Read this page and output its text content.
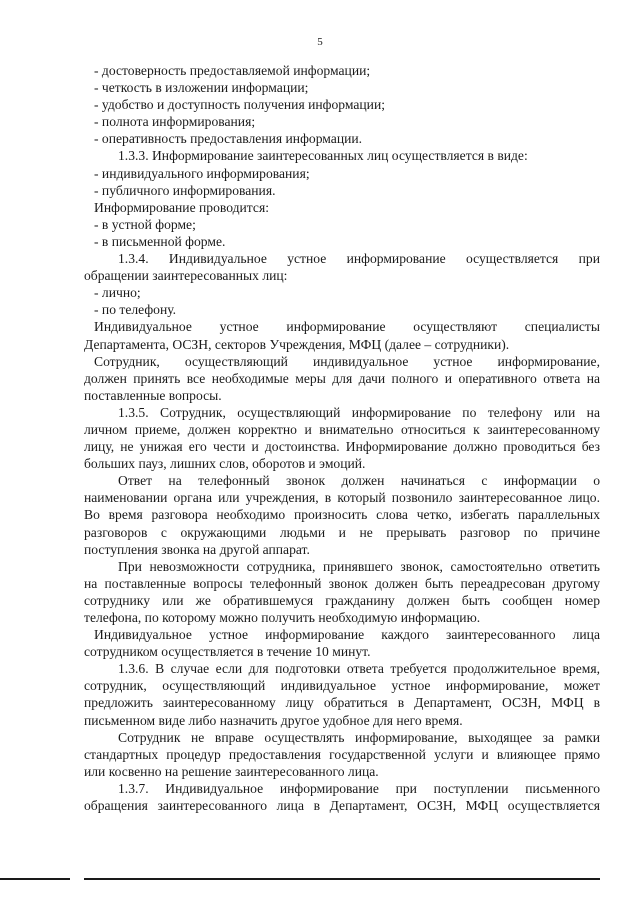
5
- достоверность предоставляемой информации;
- четкость в изложении информации;
- удобство и доступность получения информации;
- полнота информирования;
- оперативность предоставления информации.
1.3.3. Информирование заинтересованных лиц осуществляется в виде:
- индивидуального информирования;
- публичного информирования.
Информирование проводится:
- в устной форме;
- в письменной форме.
1.3.4. Индивидуальное устное информирование осуществляется при
обращении заинтересованных лиц:
- лично;
- по телефону.
Индивидуальное устное информирование осуществляют специалисты
Департамента, ОСЗН, секторов Учреждения, МФЦ (далее – сотрудники).
Сотрудник, осуществляющий индивидуальное устное информирование,
должен принять все необходимые меры для дачи полного и оперативного ответа на
поставленные вопросы.
1.3.5. Сотрудник, осуществляющий информирование по телефону или на
личном приеме, должен корректно и внимательно относиться к заинтересованному
лицу, не унижая его чести и достоинства. Информирование должно проводиться без
больших пауз, лишних слов, оборотов и эмоций.
Ответ на телефонный звонок должен начинаться с информации о
наименовании органа или учреждения, в который позвонило заинтересованное лицо.
Во время разговора необходимо произносить слова четко, избегать параллельных
разговоров с окружающими людьми и не прерывать разговор по причине
поступления звонка на другой аппарат.
При невозможности сотрудника, принявшего звонок, самостоятельно ответить
на поставленные вопросы телефонный звонок должен быть переадресован другому
сотруднику или же обратившемуся гражданину должен быть сообщен номер
телефона, по которому можно получить необходимую информацию.
Индивидуальное устное информирование каждого заинтересованного лица
сотрудником осуществляется в течение 10 минут.
1.3.6. В случае если для подготовки ответа требуется продолжительное время,
сотрудник, осуществляющий индивидуальное устное информирование, может
предложить заинтересованному лицу обратиться в Департамент, ОСЗН, МФЦ в
письменном виде либо назначить другое удобное для него время.
Сотрудник не вправе осуществлять информирование, выходящее за рамки
стандартных процедур предоставления государственной услуги и влияющее прямо
или косвенно на решение заинтересованного лица.
1.3.7. Индивидуальное информирование при поступлении письменного
обращения заинтересованного лица в Департамент, ОСЗН, МФЦ осуществляется
